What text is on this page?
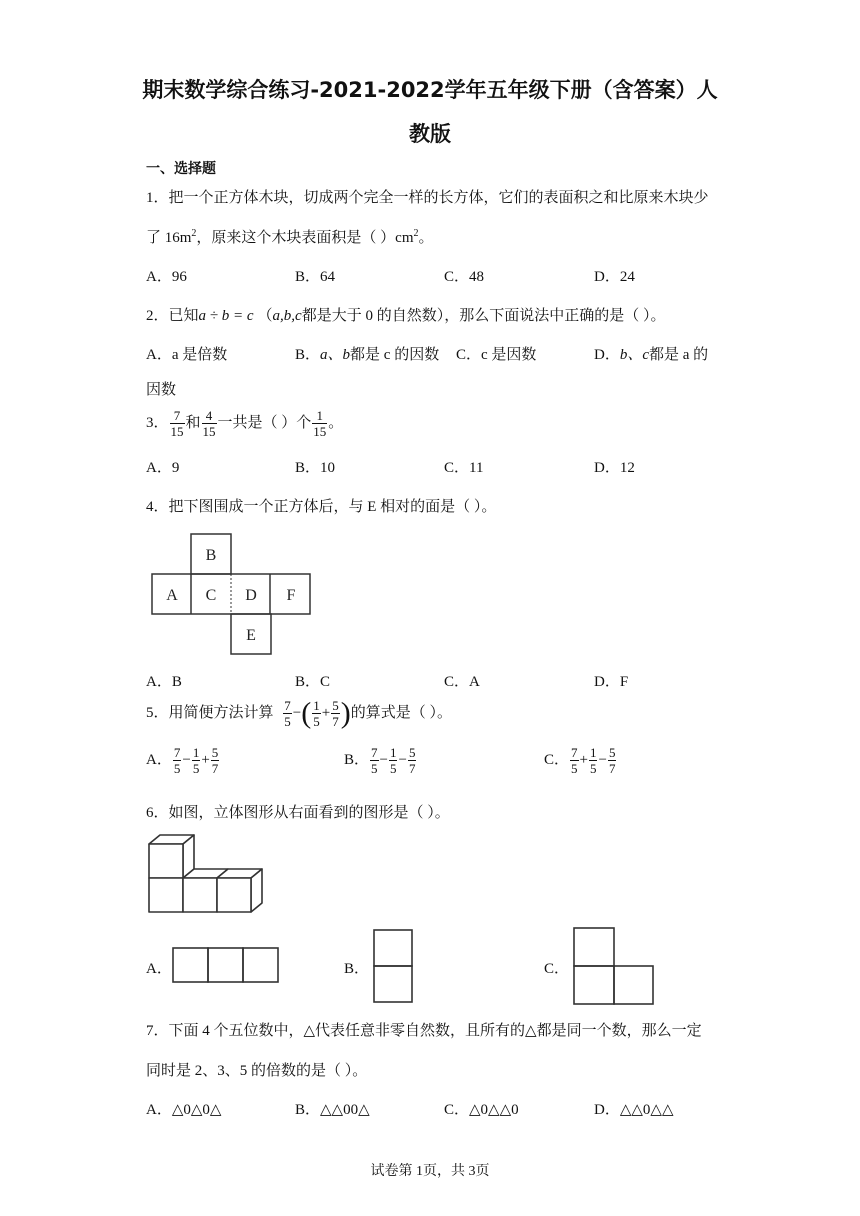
期末数学综合练习-2021-2022学年五年级下册（含答案）人
教版
一、选择题
1．把一个正方体木块，切成两个完全一样的长方体，它们的表面积之和比原来木块少
了 $16m^2$，原来这个木块表面积是（ ）$cm^2$。
A．96	B．64	C．48	D．24
2．已知a ÷ b = c （a,b,c都是大于 0 的自然数），那么下面说法中正确的是（ ）。
A．a 是倍数	B．a、b都是 c 的因数 C．c 是因数	D．b、c都是 a 的
因数
3． $\frac{7}{15}$ 和 $\frac{4}{15}$ 一共是（ ）个 $\frac{1}{15}$ 。
A．9	B．10	C．11	D．12
4．把下图围成一个正方体后，与 E 相对的面是（ ）。
B
A C D F
E
A．B	B．C	C．A	D．F
5．用简便方法计算 $\frac{7}{5}$ −( $\frac{1}{5} + \frac{5}{7}$ )的算式是（ ）。
A． $\frac{7}{5} - \frac{1}{5} + \frac{5}{7}$	B． $\frac{7}{5} - \frac{1}{5} - \frac{5}{7}$	C． $\frac{7}{5} + \frac{1}{5} - \frac{5}{7}$
6．如图，立体图形从右面看到的图形是（ ）。
A．	B．	C．
7．下面 4 个五位数中，△代表任意非零自然数，且所有的△都是同一个数，那么一定
同时是 2、3、5 的倍数的是（ ）。
A．△0△0△	B．△△00△	C．△0△△0	D．△△0△△
试卷第 1页，共 3页
